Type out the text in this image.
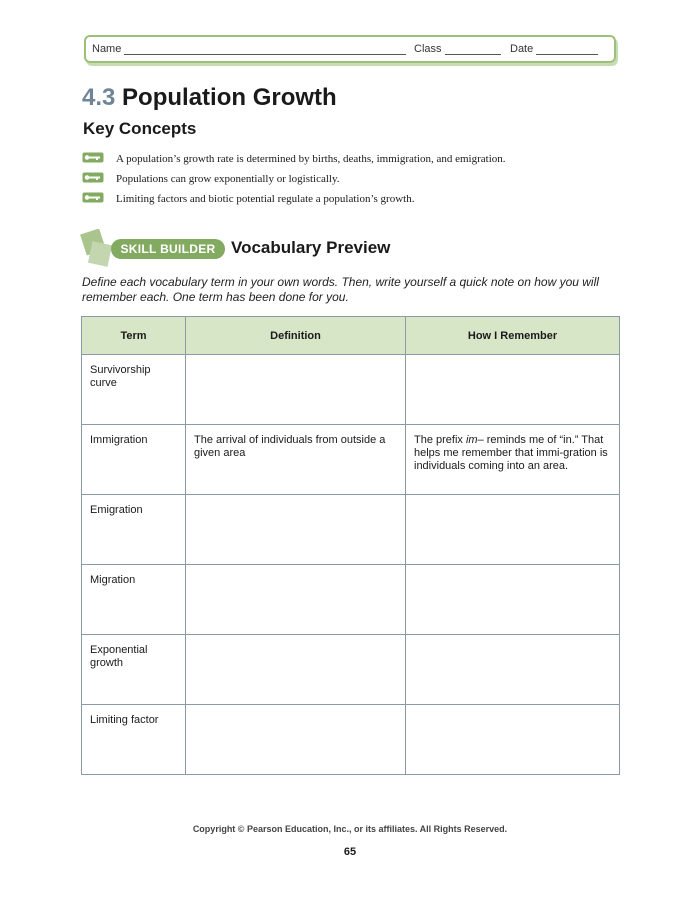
Name	Class	Date
4.3 Population Growth
Key Concepts
A population’s growth rate is determined by births, deaths, immigration, and emigration.
Populations can grow exponentially or logistically.
Limiting factors and biotic potential regulate a population’s growth.
SKILL BUILDER Vocabulary Preview
Define each vocabulary term in your own words. Then, write yourself a quick note on how you will remember each. One term has been done for you.
Term	Definition	How I Remember
Survivorship curve		
Immigration	The arrival of individuals from outside a given area	The prefix im– reminds me of “in.” That helps me remember that immi-gration is individuals coming into an area.
Emigration		
Migration		
Exponential growth		
Limiting factor		
Copyright © Pearson Education, Inc., or its affiliates. All Rights Reserved.
65
